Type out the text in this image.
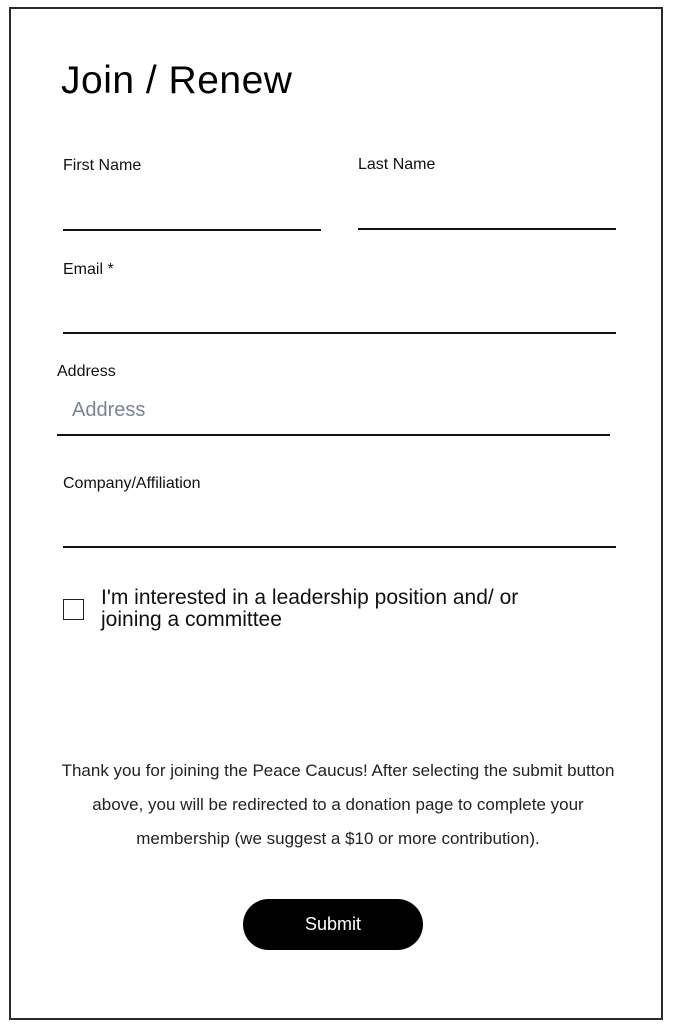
Join / Renew
First Name	Last Name
Email *
Address
Address
Company/Affiliation
I'm interested in a leadership position and/ or joining a committee
Thank you for joining the Peace Caucus! After selecting the submit button above, you will be redirected to a donation page to complete your membership (we suggest a $10 or more contribution).
Submit
